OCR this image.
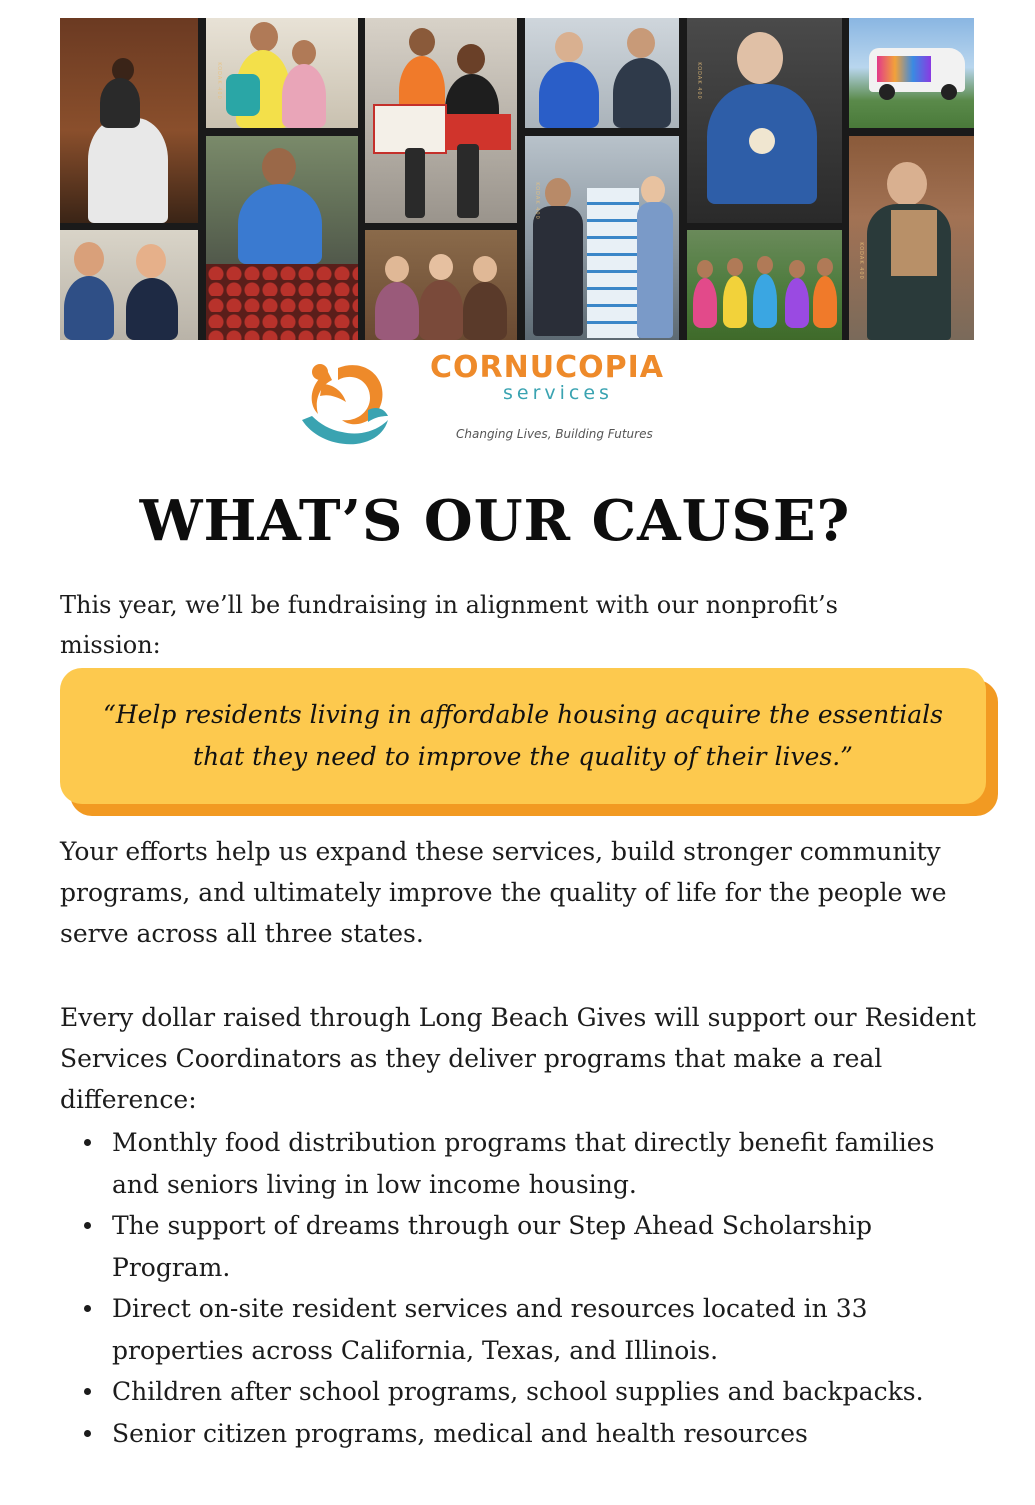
KODAK 400
KODAK 400
KODAK 400
KODAK 400
CORNUCOPIA
services
Changing Lives, Building Futures
WHAT’S OUR CAUSE?

This year, we’ll be fundraising in alignment with our nonprofit’s mission:

“Help residents living in affordable housing acquire the essentials that they need to improve the quality of their lives.”

Your efforts help us expand these services, build stronger community programs, and ultimately improve the quality of life for the people we serve across all three states.

Every dollar raised through Long Beach Gives will support our Resident Services Coordinators as they deliver programs that make a real difference:

Monthly food distribution programs that directly benefit families and seniors living in low income housing.
The support of dreams through our Step Ahead Scholarship Program.
Direct on-site resident services and resources located in 33 properties across California, Texas, and Illinois.
Children after school programs, school supplies and backpacks.
Senior citizen programs, medical and health resources
